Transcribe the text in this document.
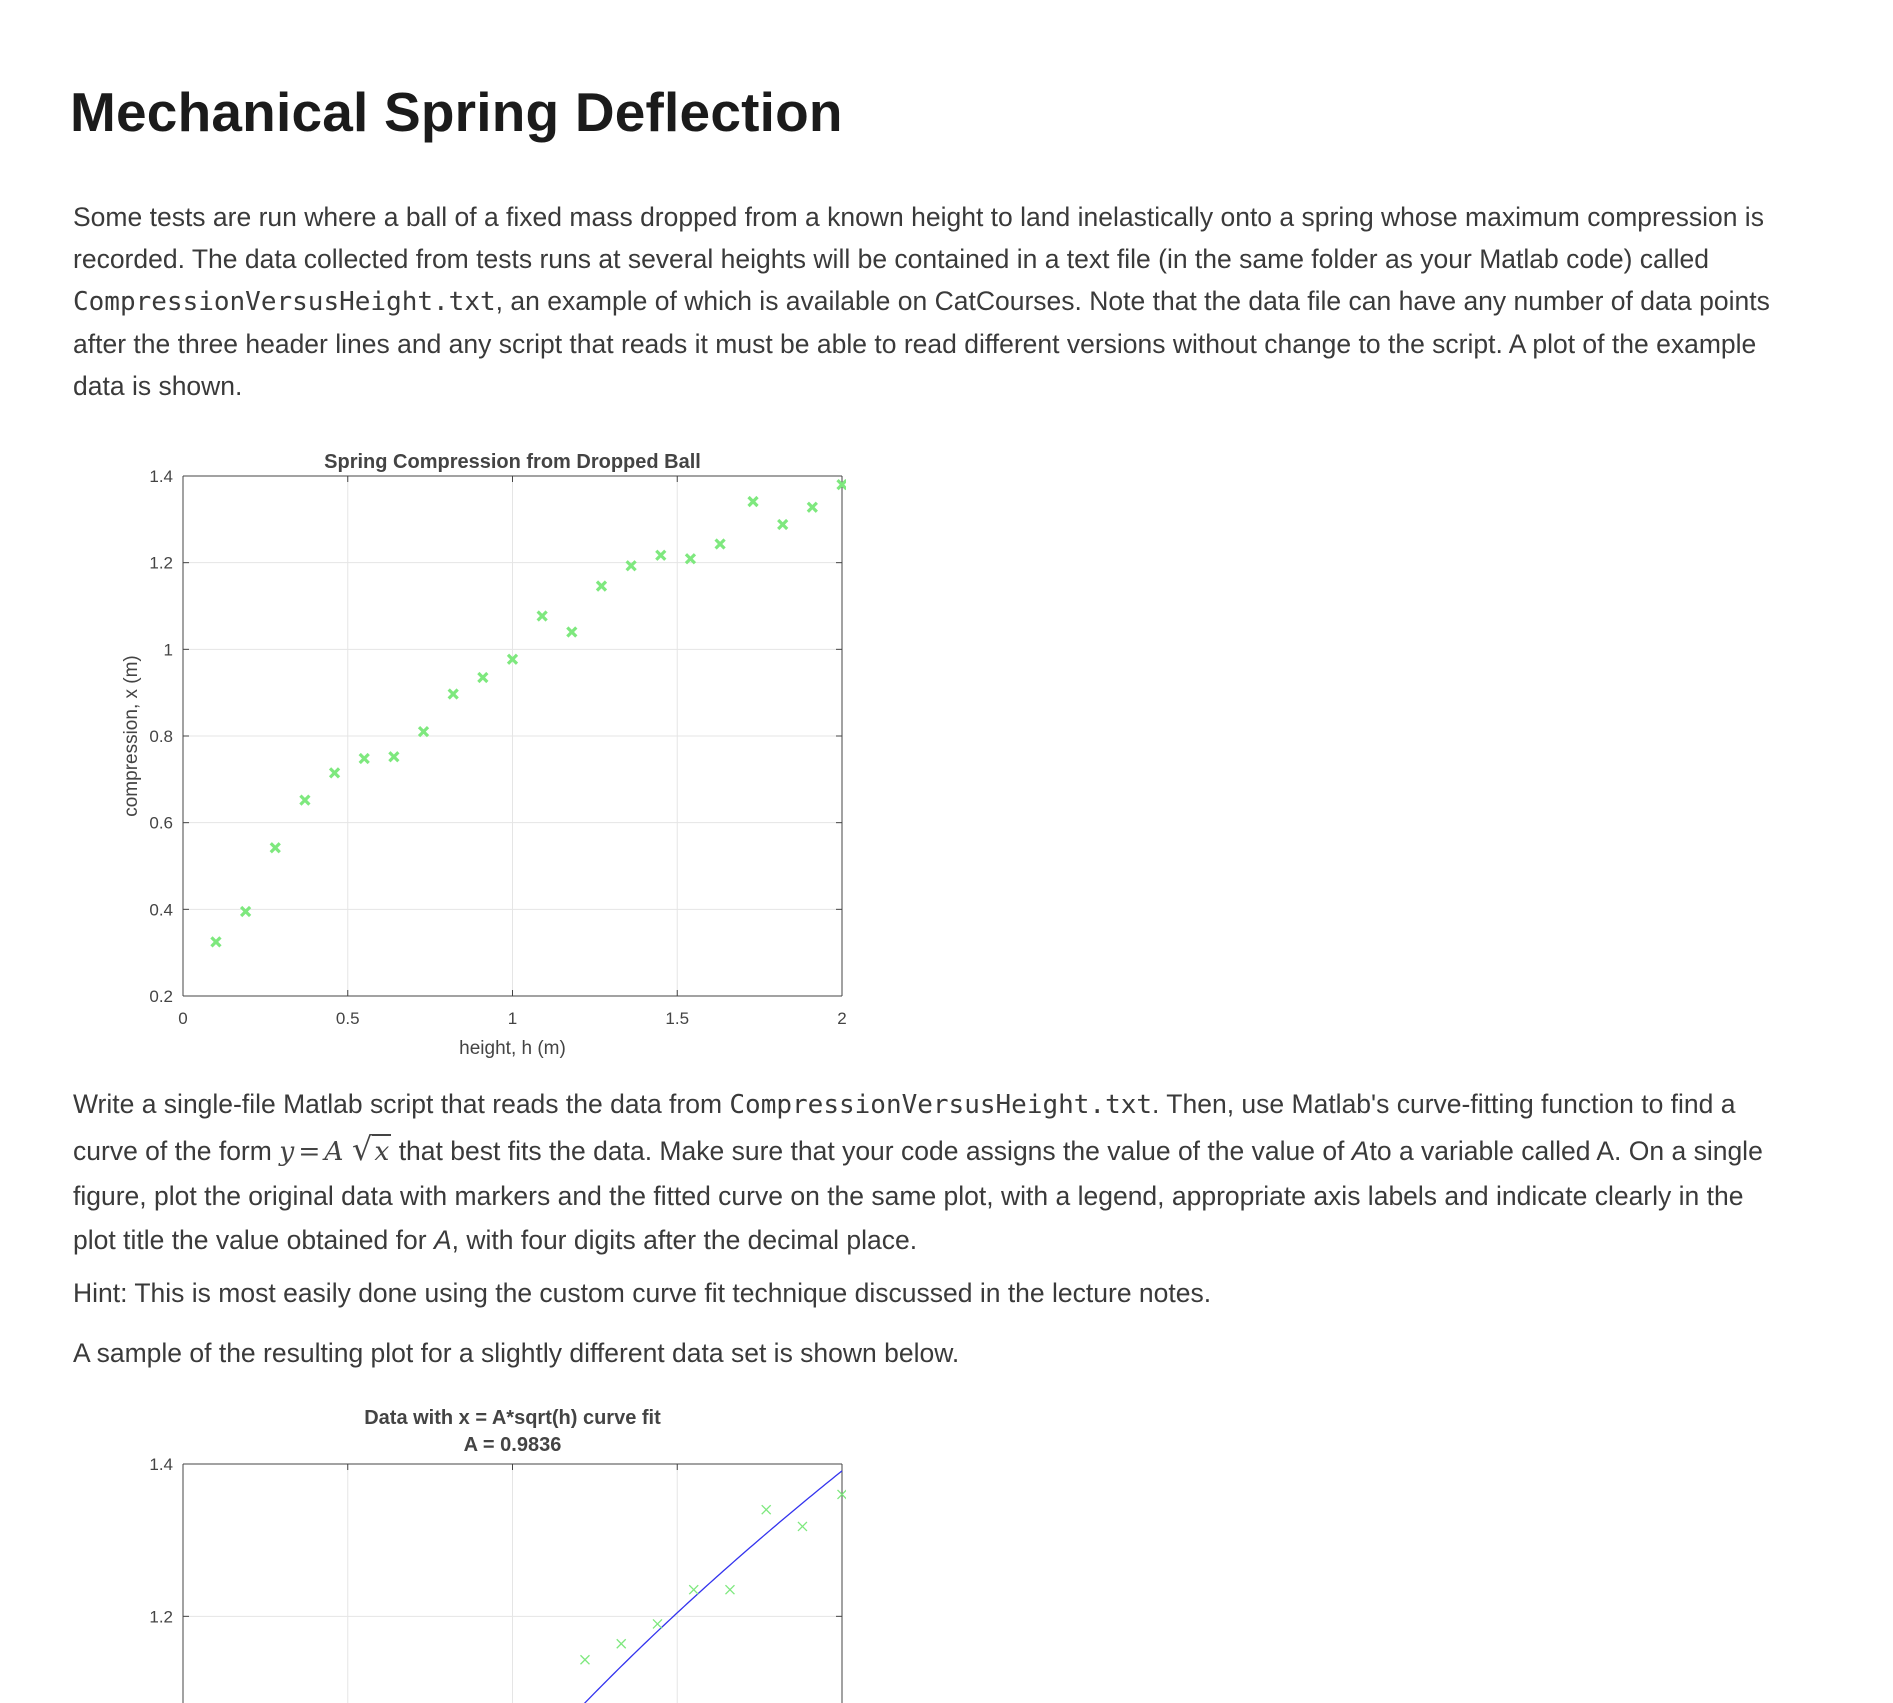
Mechanical Spring Deflection

Some tests are run where a ball of a fixed mass dropped from a known height to land inelastically onto a spring whose maximum compression is recorded. The data collected from tests runs at several heights will be contained in a text file (in the same folder as your Matlab code) called CompressionVersusHeight.txt, an example of which is available on CatCourses. Note that the data file can have any number of data points after the three header lines and any script that reads it must be able to read different versions without change to the script. A plot of the example data is shown.

0.2
0.4
0.6
0.8
1
1.2
1.4
0	0.5	1	1.5	2
Spring Compression from Dropped Ball
height, h (m)
compression, x (m)

Write a single-file Matlab script that reads the data from CompressionVersusHeight.txt. Then, use Matlab's curve-fitting function to find a curve of the form y = A √x that best fits the data. Make sure that your code assigns the value of the value of Ato a variable called A. On a single figure, plot the original data with markers and the fitted curve on the same plot, with a legend, appropriate axis labels and indicate clearly in the plot title the value obtained for A, with four digits after the decimal place.

Hint: This is most easily done using the custom curve fit technique discussed in the lecture notes.

A sample of the resulting plot for a slightly different data set is shown below.

1.2
1.4
Data with x = A*sqrt(h) curve fit
A = 0.9836
